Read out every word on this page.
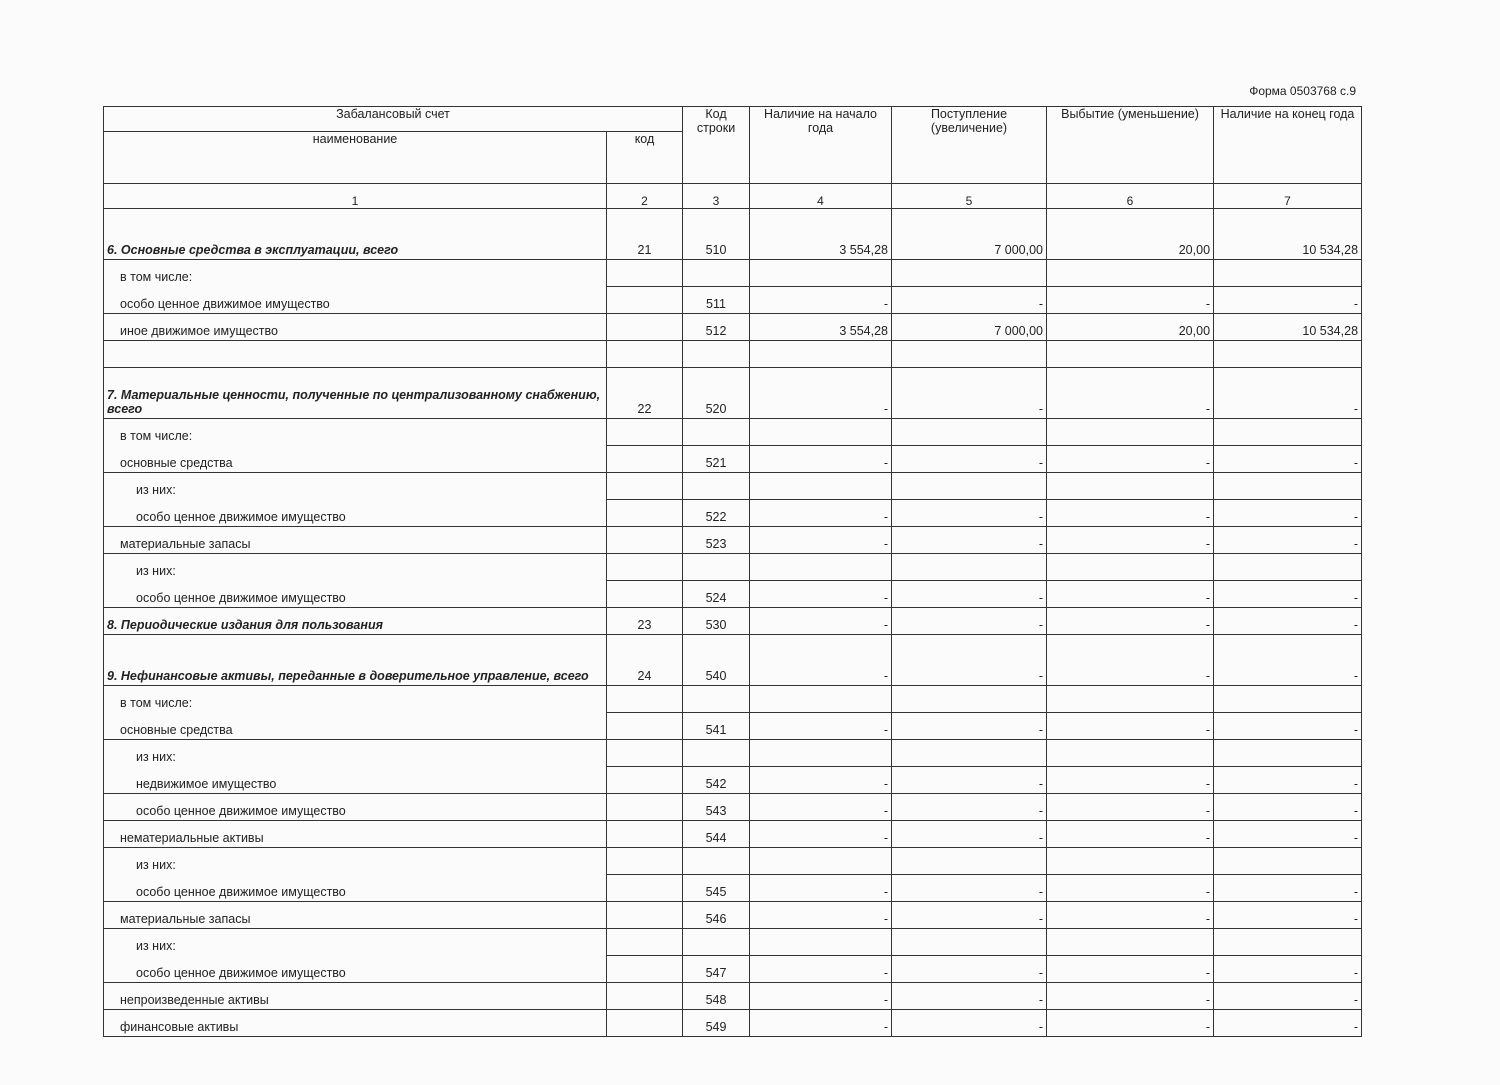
Форма 0503768 с.9
Забалансовый счет		Код строки	Наличие на начало года	Поступление (увеличение)	Выбытие (уменьшение)	Наличие на конец года
наименование	код					
1	2	3	4	5	6	7
6. Основные средства в эксплуатации, всего	21	510	3 554,28	7 000,00	20,00	10 534,28
в том числе:						
особо ценное движимое имущество		511	-	-	-	-
иное движимое имущество		512	3 554,28	7 000,00	20,00	10 534,28

7. Материальные ценности, полученные по централизованному снабжению, всего	22	520	-	-	-	-
в том числе:						
основные средства		521	-	-	-	-
из них:						
особо ценное движимое имущество		522	-	-	-	-
материальные запасы		523	-	-	-	-
из них:						
особо ценное движимое имущество		524	-	-	-	-
8. Периодические издания для пользования	23	530	-	-	-	-
9. Нефинансовые активы, переданные в доверительное управление, всего	24	540	-	-	-	-
в том числе:						
основные средства		541	-	-	-	-
из них:						
недвижимое имущество		542	-	-	-	-
особо ценное движимое имущество		543	-	-	-	-
нематериальные активы		544	-	-	-	-
из них:						
особо ценное движимое имущество		545	-	-	-	-
материальные запасы		546	-	-	-	-
из них:						
особо ценное движимое имущество		547	-	-	-	-
непроизведенные активы		548	-	-	-	-
финансовые активы		549	-	-	-	-
